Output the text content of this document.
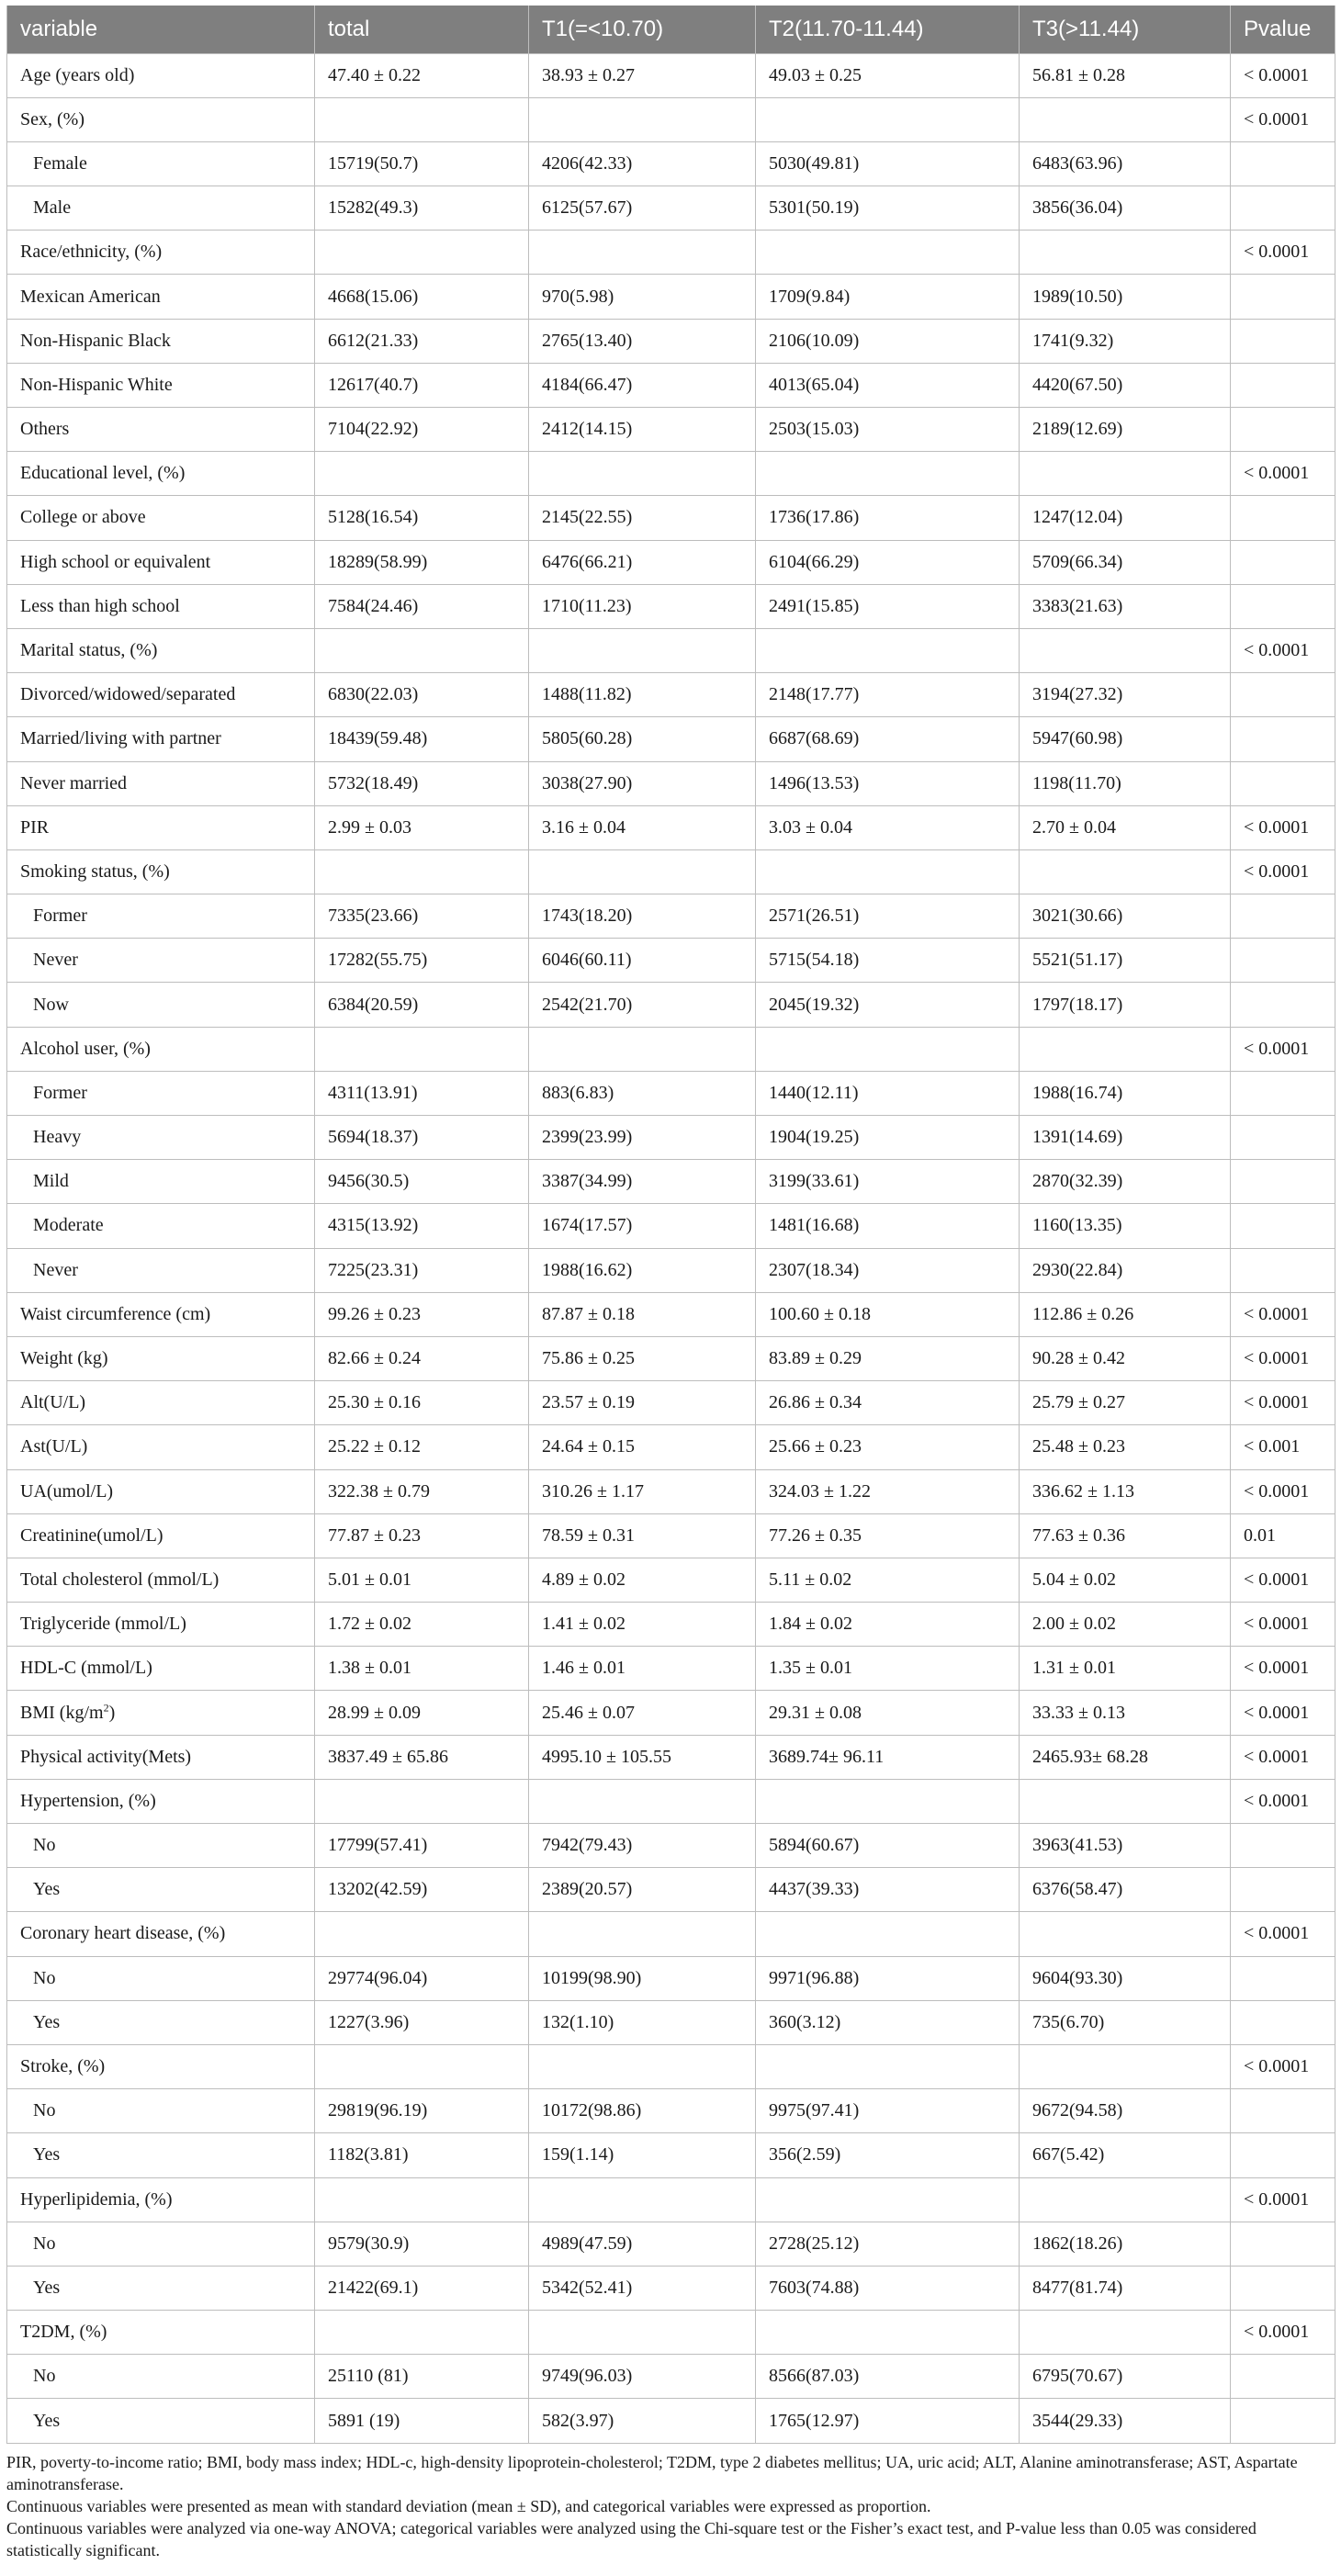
variable	total	T1(=<10.70)	T2(11.70-11.44)	T3(>11.44)	Pvalue
Age (years old)	47.40 ± 0.22	38.93 ± 0.27	49.03 ± 0.25	56.81 ± 0.28	< 0.0001
Sex, (%)					< 0.0001
Female	15719(50.7)	4206(42.33)	5030(49.81)	6483(63.96)	
Male	15282(49.3)	6125(57.67)	5301(50.19)	3856(36.04)	
Race/ethnicity, (%)					< 0.0001
Mexican American	4668(15.06)	970(5.98)	1709(9.84)	1989(10.50)	
Non-Hispanic Black	6612(21.33)	2765(13.40)	2106(10.09)	1741(9.32)	
Non-Hispanic White	12617(40.7)	4184(66.47)	4013(65.04)	4420(67.50)	
Others	7104(22.92)	2412(14.15)	2503(15.03)	2189(12.69)	
Educational level, (%)					< 0.0001
College or above	5128(16.54)	2145(22.55)	1736(17.86)	1247(12.04)	
High school or equivalent	18289(58.99)	6476(66.21)	6104(66.29)	5709(66.34)	
Less than high school	7584(24.46)	1710(11.23)	2491(15.85)	3383(21.63)	
Marital status, (%)					< 0.0001
Divorced/widowed/separated	6830(22.03)	1488(11.82)	2148(17.77)	3194(27.32)	
Married/living with partner	18439(59.48)	5805(60.28)	6687(68.69)	5947(60.98)	
Never married	5732(18.49)	3038(27.90)	1496(13.53)	1198(11.70)	
PIR	2.99 ± 0.03	3.16 ± 0.04	3.03 ± 0.04	2.70 ± 0.04	< 0.0001
Smoking status, (%)					< 0.0001
Former	7335(23.66)	1743(18.20)	2571(26.51)	3021(30.66)	
Never	17282(55.75)	6046(60.11)	5715(54.18)	5521(51.17)	
Now	6384(20.59)	2542(21.70)	2045(19.32)	1797(18.17)	
Alcohol user, (%)					< 0.0001
Former	4311(13.91)	883(6.83)	1440(12.11)	1988(16.74)	
Heavy	5694(18.37)	2399(23.99)	1904(19.25)	1391(14.69)	
Mild	9456(30.5)	3387(34.99)	3199(33.61)	2870(32.39)	
Moderate	4315(13.92)	1674(17.57)	1481(16.68)	1160(13.35)	
Never	7225(23.31)	1988(16.62)	2307(18.34)	2930(22.84)	
Waist circumference (cm)	99.26 ± 0.23	87.87 ± 0.18	100.60 ± 0.18	112.86 ± 0.26	< 0.0001
Weight (kg)	82.66 ± 0.24	75.86 ± 0.25	83.89 ± 0.29	90.28 ± 0.42	< 0.0001
Alt(U/L)	25.30 ± 0.16	23.57 ± 0.19	26.86 ± 0.34	25.79 ± 0.27	< 0.0001
Ast(U/L)	25.22 ± 0.12	24.64 ± 0.15	25.66 ± 0.23	25.48 ± 0.23	< 0.001
UA(umol/L)	322.38 ± 0.79	310.26 ± 1.17	324.03 ± 1.22	336.62 ± 1.13	< 0.0001
Creatinine(umol/L)	77.87 ± 0.23	78.59 ± 0.31	77.26 ± 0.35	77.63 ± 0.36	0.01
Total cholesterol (mmol/L)	5.01 ± 0.01	4.89 ± 0.02	5.11 ± 0.02	5.04 ± 0.02	< 0.0001
Triglyceride (mmol/L)	1.72 ± 0.02	1.41 ± 0.02	1.84 ± 0.02	2.00 ± 0.02	< 0.0001
HDL-C (mmol/L)	1.38 ± 0.01	1.46 ± 0.01	1.35 ± 0.01	1.31 ± 0.01	< 0.0001
BMI $(kg/m^2)$	28.99 ± 0.09	25.46 ± 0.07	29.31 ± 0.08	33.33 ± 0.13	< 0.0001
Physical activity(Mets)	3837.49 ± 65.86	4995.10 ± 105.55	3689.74± 96.11	2465.93± 68.28	< 0.0001
Hypertension, (%)					< 0.0001
No	17799(57.41)	7942(79.43)	5894(60.67)	3963(41.53)	
Yes	13202(42.59)	2389(20.57)	4437(39.33)	6376(58.47)	
Coronary heart disease, (%)					< 0.0001
No	29774(96.04)	10199(98.90)	9971(96.88)	9604(93.30)	
Yes	1227(3.96)	132(1.10)	360(3.12)	735(6.70)	
Stroke, (%)					< 0.0001
No	29819(96.19)	10172(98.86)	9975(97.41)	9672(94.58)	
Yes	1182(3.81)	159(1.14)	356(2.59)	667(5.42)	
Hyperlipidemia, (%)					< 0.0001
No	9579(30.9)	4989(47.59)	2728(25.12)	1862(18.26)	
Yes	21422(69.1)	5342(52.41)	7603(74.88)	8477(81.74)	
T2DM, (%)					< 0.0001
No	25110 (81)	9749(96.03)	8566(87.03)	6795(70.67)	
Yes	5891 (19)	582(3.97)	1765(12.97)	3544(29.33)	

PIR, poverty-to-income ratio; BMI, body mass index; HDL-c, high-density lipoprotein-cholesterol; T2DM, type 2 diabetes mellitus; UA, uric acid; ALT, Alanine aminotransferase; AST, Aspartate aminotransferase.

Continuous variables were presented as mean with standard deviation (mean ± SD), and categorical variables were expressed as proportion.

Continuous variables were analyzed via one-way ANOVA; categorical variables were analyzed using the Chi-square test or the Fisher’s exact test, and P-value less than 0.05 was considered statistically significant.
